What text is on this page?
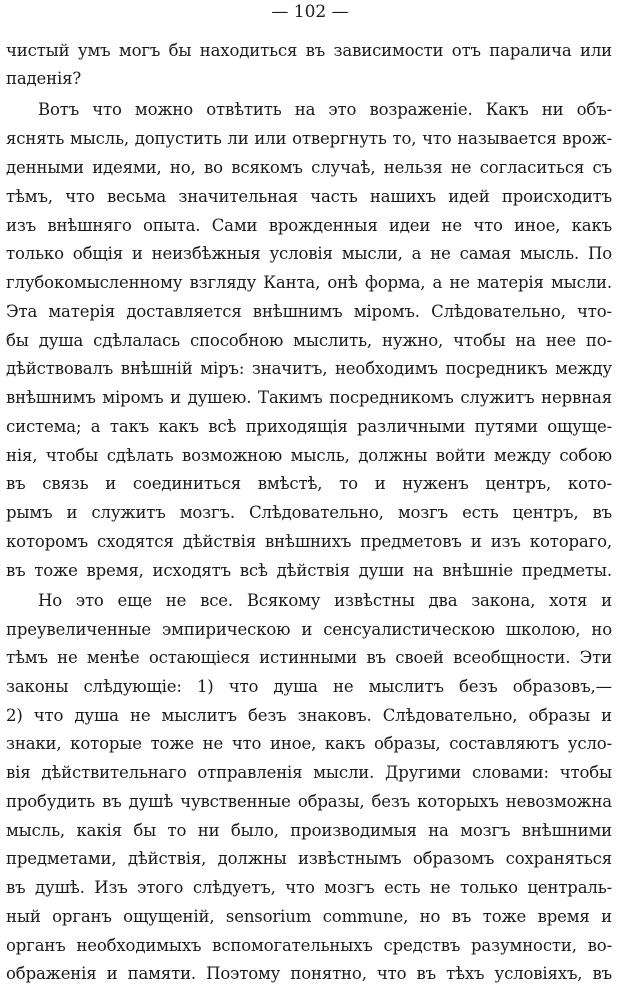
— 102 —
чистый умъ могъ бы находиться въ зависимости отъ паралича или
паденія?
Вотъ что можно отвѣтить на это возраженіе. Какъ ни объ-
яснять мысль, допустить ли или отвергнуть то, что называется врож-
денными идеями, но, во всякомъ случаѣ, нельзя не согласиться съ
тѣмъ, что весьма значительная часть нашихъ идей происходитъ
изъ внѣшняго опыта. Сами врожденныя идеи не что иное, какъ
только общія и неизбѣжныя условія мысли, а не самая мысль. По
глубокомысленному взгляду Канта, онѣ форма, а не матерія мысли.
Эта матерія доставляется внѣшнимъ міромъ. Слѣдовательно, что-
бы душа сдѣлалась способною мыслить, нужно, чтобы на нее по-
дѣйствовалъ внѣшній міръ: значитъ, необходимъ посредникъ между
внѣшнимъ міромъ и душею. Такимъ посредникомъ служитъ нервная
система; а такъ какъ всѣ приходящія различными путями ощуще-
нія, чтобы сдѣлать возможною мысль, должны войти между собою
въ связь и соединиться вмѣстѣ, то и нуженъ центръ, кото-
рымъ и служитъ мозгъ. Слѣдовательно, мозгъ есть центръ, въ
которомъ сходятся дѣйствія внѣшнихъ предметовъ и изъ котораго,
въ тоже время, исходятъ всѣ дѣйствія души на внѣшніе предметы.
Но это еще не все. Всякому извѣстны два закона, хотя и
преувеличенные эмпирическою и сенсуалистическою школою, но
тѣмъ не менѣе остающіеся истинными въ своей всеобщности. Эти
законы слѣдующіе: 1) что душа не мыслитъ безъ образовъ,—
2) что душа не мыслитъ безъ знаковъ. Слѣдовательно, образы и
знаки, которые тоже не что иное, какъ образы, составляютъ усло-
вія дѣйствительнаго отправленія мысли. Другими словами: чтобы
пробудить въ душѣ чувственные образы, безъ которыхъ невозможна
мысль, какія бы то ни было, производимыя на мозгъ внѣшними
предметами, дѣйствія, должны извѣстнымъ образомъ сохраняться
въ душѣ. Изъ этого слѣдуетъ, что мозгъ есть не только централь-
ный органъ ощущеній, sensorium commune, но въ тоже время и
органъ необходимыхъ вспомогательныхъ средствъ разумности, во-
ображенія и памяти. Поэтому понятно, что въ тѣхъ условіяхъ, въ
